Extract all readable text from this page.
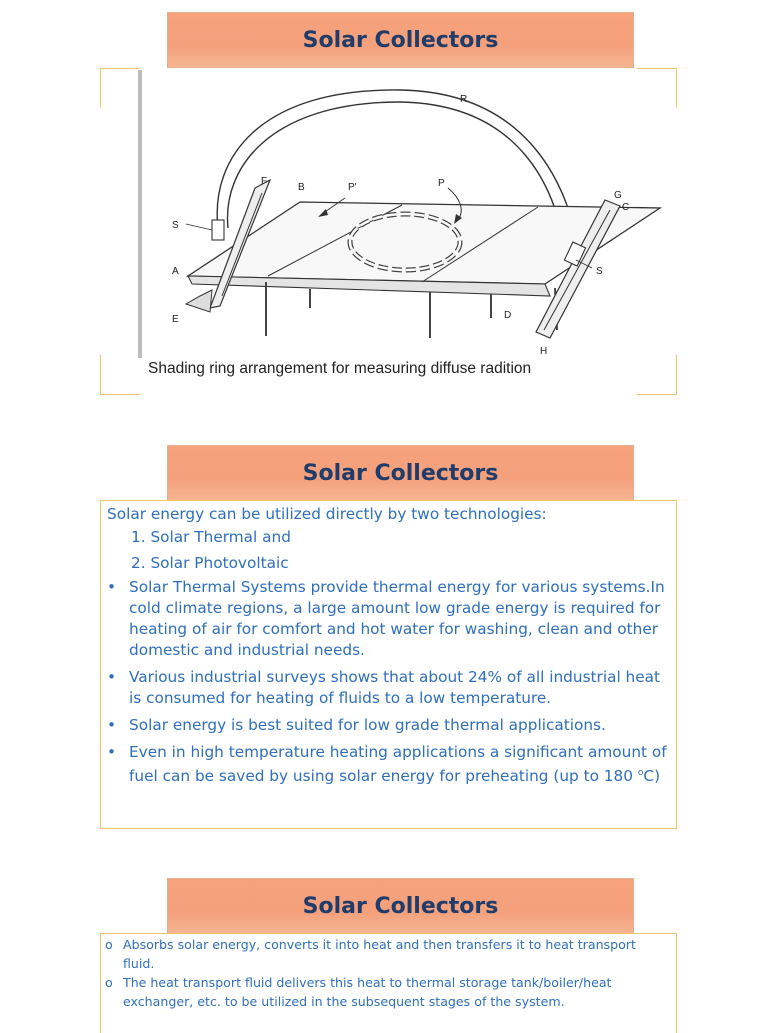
Solar Collectors
R
F
B	P'	P
G
C
S
S
A
E	D
H
Shading ring arrangement for measuring diffuse radition
Solar Collectors
Solar energy can be utilized directly by two technologies:
1. Solar Thermal and
2. Solar Photovoltaic
• Solar Thermal Systems provide thermal energy for various systems.In cold climate regions, a large amount low grade energy is required for heating of air for comfort and hot water for washing, clean and other domestic and industrial needs.
• Various industrial surveys shows that about 24% of all industrial heat is consumed for heating of fluids to a low temperature.
• Solar energy is best suited for low grade thermal applications.
• Even in high temperature heating applications a significant amount of fuel can be saved by using solar energy for preheating (up to 180 $^o$C)
Solar Collectors
o Absorbs solar energy, converts it into heat and then transfers it to heat transport fluid.
o The heat transport fluid delivers this heat to thermal storage tank/boiler/heat exchanger, etc. to be utilized in the subsequent stages of the system.
